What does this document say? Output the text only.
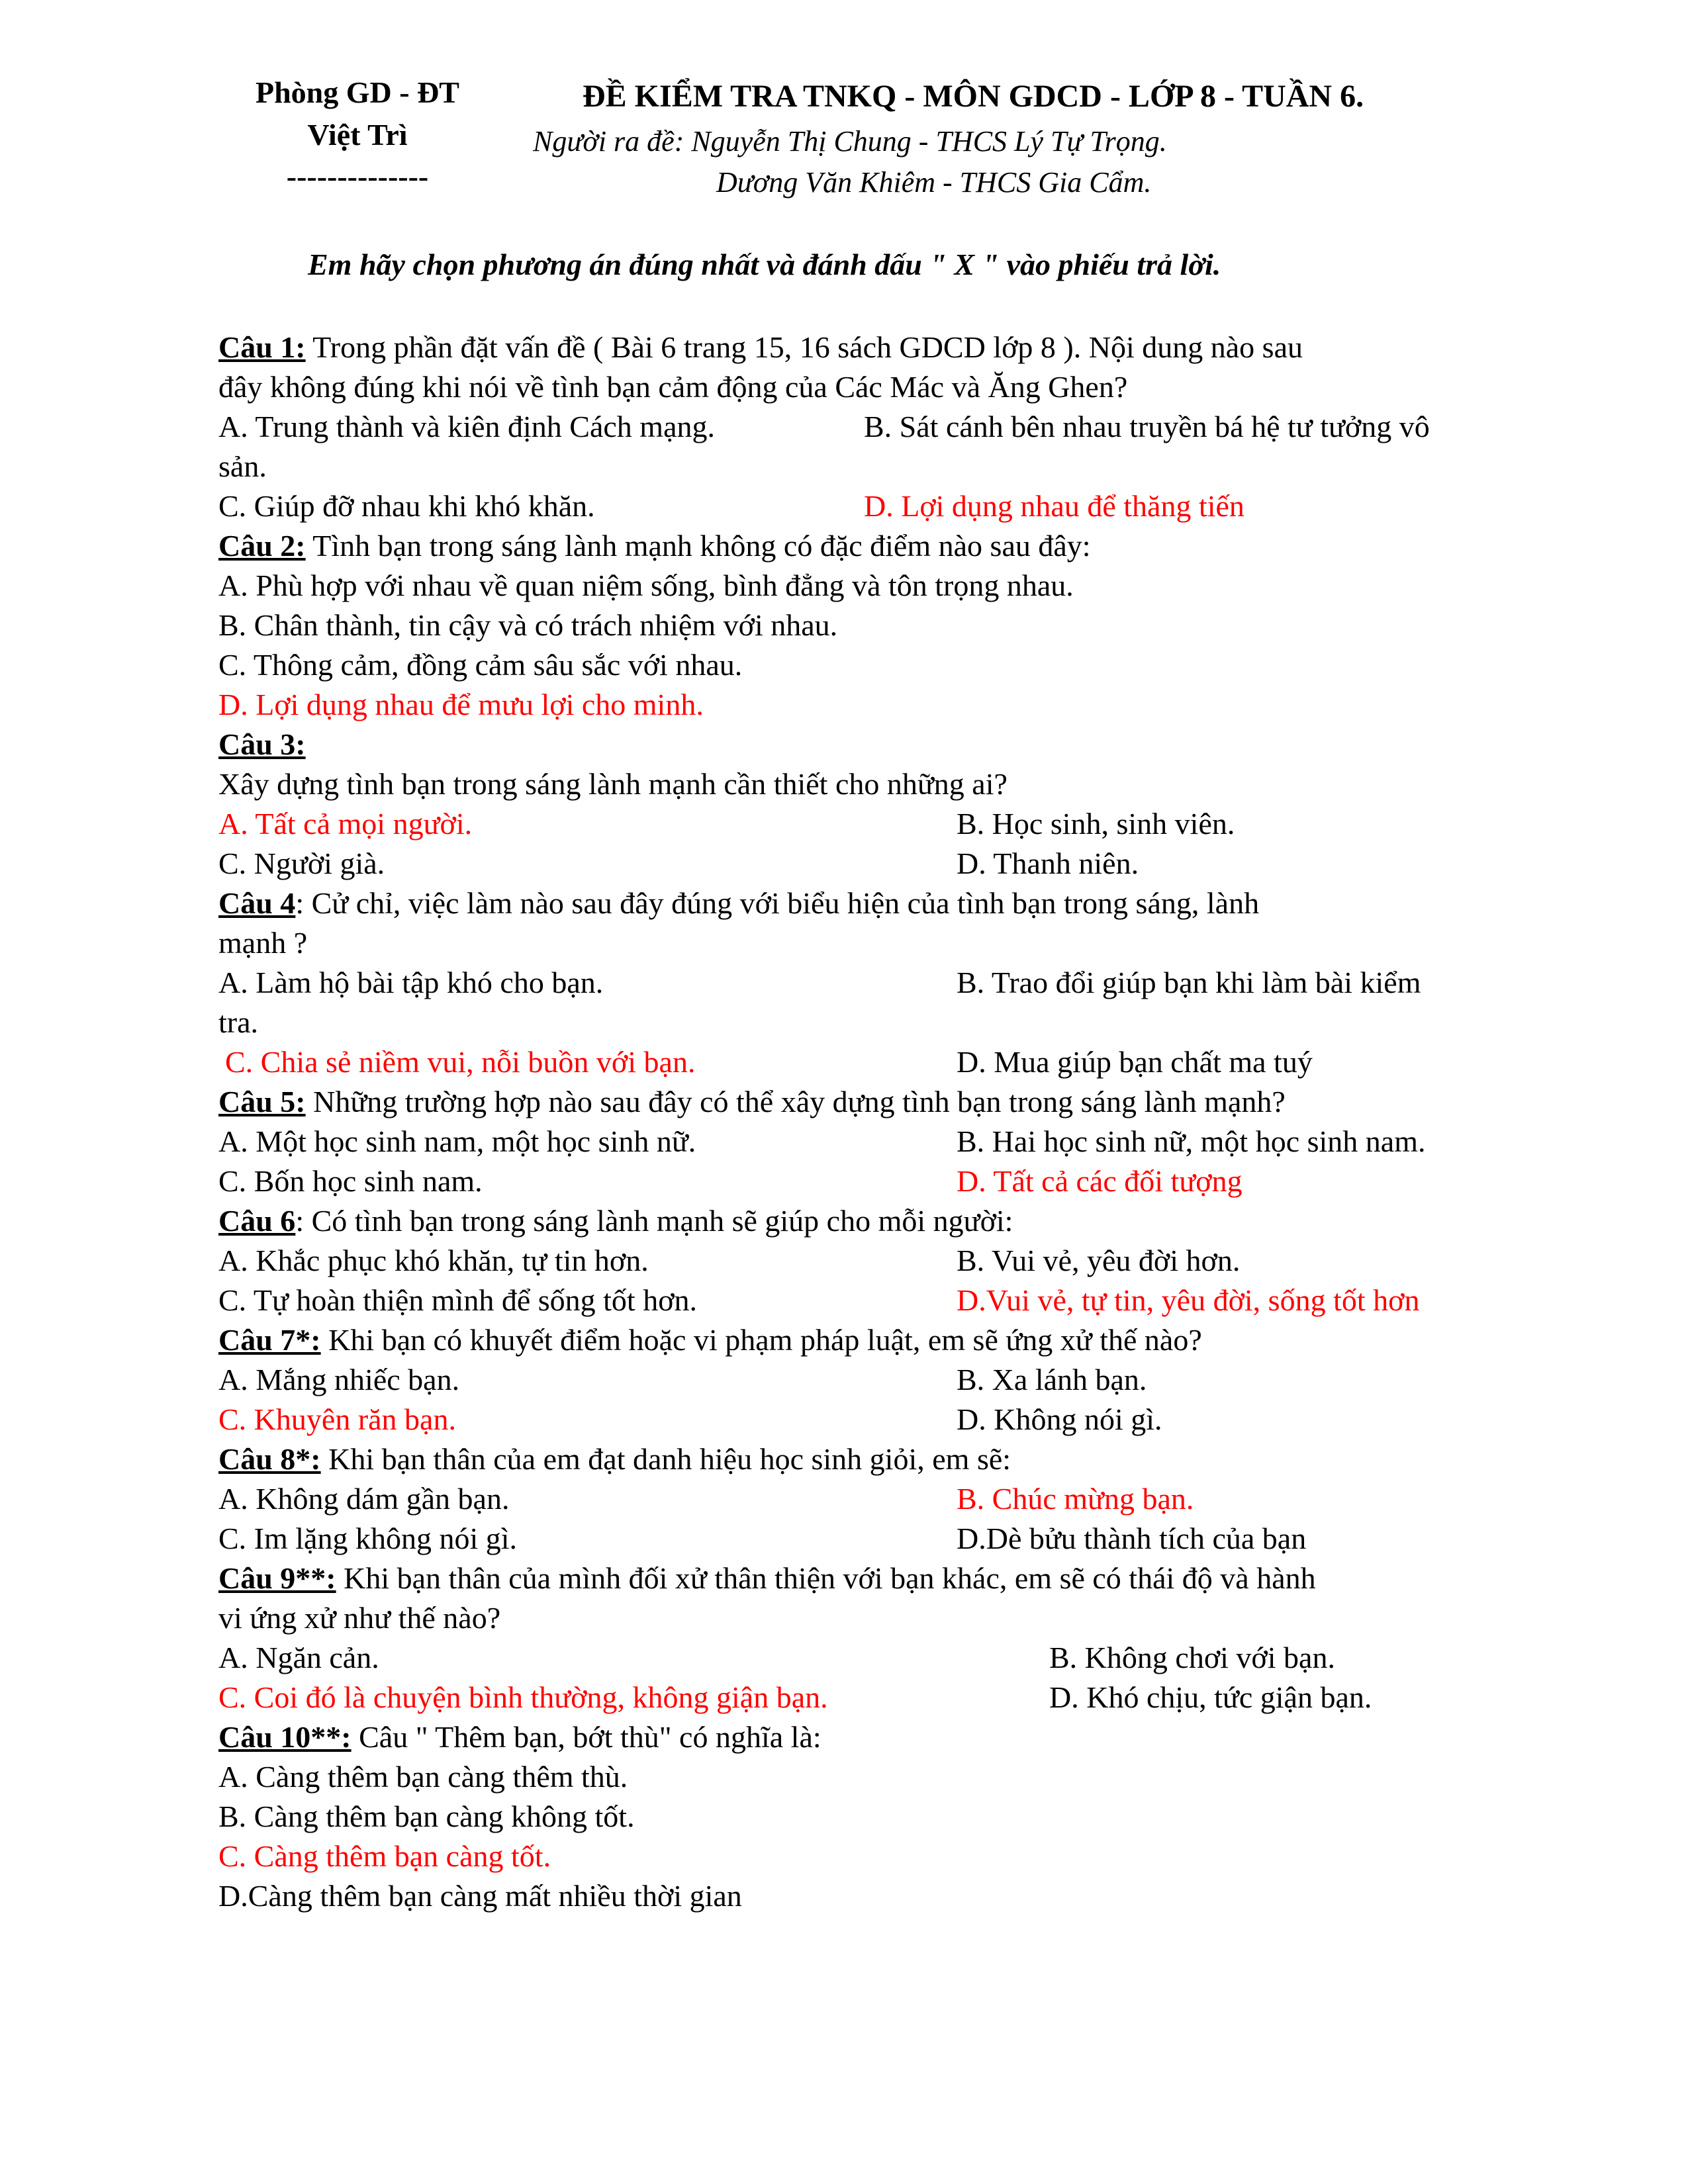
Phòng GD - ĐT
Việt Trì
--------------
ĐỀ KIỂM TRA TNKQ - MÔN GDCD - LỚP 8 - TUẦN 6.
Người ra đề: Nguyễn Thị Chung - THCS Lý Tự Trọng.
Dương Văn Khiêm - THCS Gia Cẩm.
Em hãy chọn phương án đúng nhất và đánh dấu " X " vào phiếu trả lời.
Câu 1: Trong phần đặt vấn đề ( Bài 6 trang 15, 16 sách GDCD lớp 8 ). Nội dung nào sau
đây không đúng khi nói về tình bạn cảm động của Các Mác và Ăng Ghen?
A. Trung thành và kiên định Cách mạng.	B. Sát cánh bên nhau truyền bá hệ tư tưởng vô
sản.
C. Giúp đỡ nhau khi khó khăn.	D. Lợi dụng nhau để thăng tiến
Câu 2: Tình bạn trong sáng lành mạnh không có đặc điểm nào sau đây:
A. Phù hợp với nhau về quan niệm sống, bình đẳng và tôn trọng nhau.
B. Chân thành, tin cậy và có trách nhiệm với nhau.
C. Thông cảm, đồng cảm sâu sắc với nhau.
D. Lợi dụng nhau để mưu lợi cho minh.
Câu 3:
Xây dựng tình bạn trong sáng lành mạnh cần thiết cho những ai?
A. Tất cả mọi người.	B. Học sinh, sinh viên.
C. Người già.	D. Thanh niên.
Câu 4: Cử chỉ, việc làm nào sau đây đúng với biểu hiện của tình bạn trong sáng, lành
mạnh ?
A. Làm hộ bài tập khó cho bạn.	B. Trao đổi giúp bạn khi làm bài kiểm
tra.
C. Chia sẻ niềm vui, nỗi buồn với bạn.	D. Mua giúp bạn chất ma tuý
Câu 5: Những trường hợp nào sau đây có thể xây dựng tình bạn trong sáng lành mạnh?
A. Một học sinh nam, một học sinh nữ.	B. Hai học sinh nữ, một học sinh nam.
C. Bốn học sinh nam.	D. Tất cả các đối tượng
Câu 6: Có tình bạn trong sáng lành mạnh sẽ giúp cho mỗi người:
A. Khắc phục khó khăn, tự tin hơn.	B. Vui vẻ, yêu đời hơn.
C. Tự hoàn thiện mình để sống tốt hơn.	D.Vui vẻ, tự tin, yêu đời, sống tốt hơn
Câu 7*: Khi bạn có khuyết điểm hoặc vi phạm pháp luật, em sẽ ứng xử thế nào?
A. Mắng nhiếc bạn.	B. Xa lánh bạn.
C. Khuyên răn bạn.	D. Không nói gì.
Câu 8*: Khi bạn thân của em đạt danh hiệu học sinh giỏi, em sẽ:
A. Không dám gần bạn.	B. Chúc mừng bạn.
C. Im lặng không nói gì.	D.Dè bửu thành tích của bạn
Câu 9**: Khi bạn thân của mình đối xử thân thiện với bạn khác, em sẽ có thái độ và hành
vi ứng xử như thế nào?
A. Ngăn cản.	B. Không chơi với bạn.
C. Coi đó là chuyện bình thường, không giận bạn.	D. Khó chịu, tức giận bạn.
Câu 10**: Câu " Thêm bạn, bớt thù" có nghĩa là:
A. Càng thêm bạn càng thêm thù.
B. Càng thêm bạn càng không tốt.
C. Càng thêm bạn càng tốt.
D.Càng thêm bạn càng mất nhiều thời gian
